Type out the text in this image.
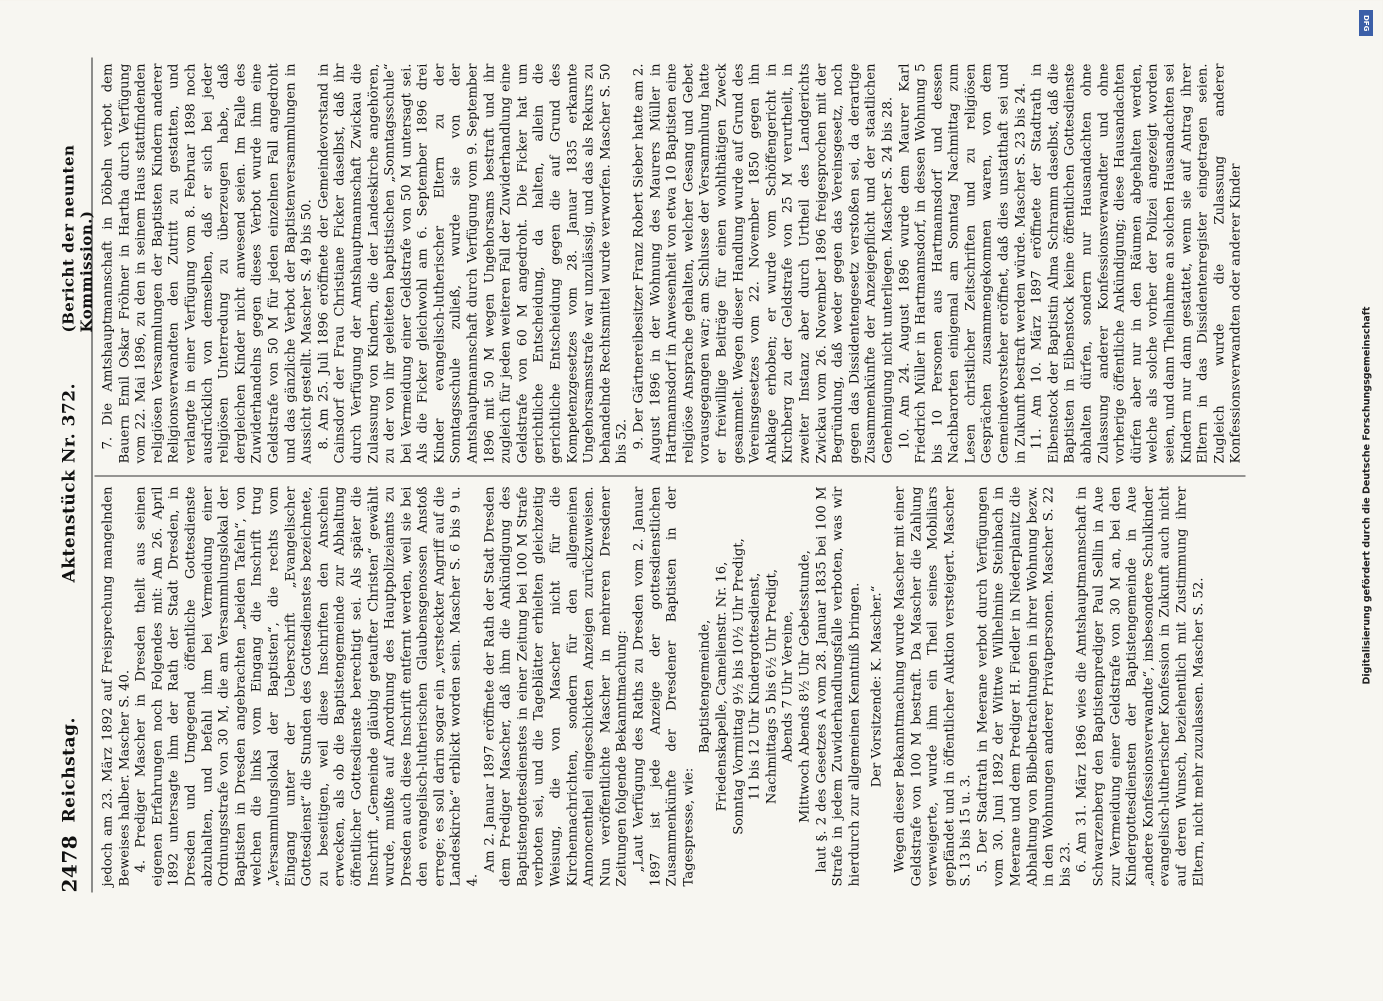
2478
Reichstag.
Aktenstück Nr. 372.
(Bericht der neunten Kommission.)

jedoch am 23. März 1892 auf Freisprechung mangelnden Beweises halber. Mascher S. 40. 4. Prediger Mascher in Dresden theilt aus seinen eigenen Erfahrungen noch Folgendes mit: Am 26. April 1892 untersagte ihm der Rath der Stadt Dresden, in Dresden und Umgegend öffentliche Gottesdienste abzuhalten, und befahl ihm bei Vermeidung einer Ordnungsstrafe von 30 M, die am Versammlungslokal der Baptisten in Dresden angebrachten „beiden Tafeln“, von welchen die links vom Eingang die Inschrift trug „Versammlungslokal der Baptisten“, die rechts vom Eingang unter der Ueberschrift „Evangelischer Gottesdienst“ die Stunden des Gottesdienstes bezeichnete, zu beseitigen, weil diese Inschriften den Anschein erwecken, als ob die Baptistengemeinde zur Abhaltung öffentlicher Gottesdienste berechtigt sei. Als später die Inschrift „Gemeinde gläubig getaufter Christen“ gewählt wurde, mußte auf Anordnung des Hauptpolizeiamts zu Dresden auch diese Inschrift entfernt werden, weil sie bei den evangelisch-lutherischen Glaubensgenossen Anstoß errege; es soll darin sogar ein „versteckter Angriff auf die Landeskirche“ erblickt worden sein. Mascher S. 6 bis 9 u. 4.

Am 2. Januar 1897 eröffnete der Rath der Stadt Dresden dem Prediger Mascher, daß ihm die Ankündigung des Baptistengottesdienstes in einer Zeitung bei 100 M Strafe verboten sei, und die Tageblätter erhielten gleichzeitig Weisung, die von Mascher nicht für die Kirchennachrichten, sondern für den allgemeinen Annoncentheil eingeschickten Anzeigen zurückzuweisen. Nun veröffentlichte Mascher in mehreren Dresdener Zeitungen folgende Bekanntmachung: „Laut Verfügung des Raths zu Dresden vom 2. Januar 1897 ist jede Anzeige der gottesdienstlichen Zusammenkünfte der Dresdener Baptisten in der Tagespresse, wie:

Baptistengemeinde, Friedenskapelle, Camelienstr. Nr. 16, Sonntag Vormittag 9½ bis 10½ Uhr Predigt, 11 bis 12 Uhr Kindergottesdienst, Nachmittags 5 bis 6½ Uhr Predigt, Abends 7 Uhr Vereine, Mittwoch Abends 8½ Uhr Gebetsstunde, laut §. 2 des Gesetzes A vom 28. Januar 1835 bei 100 M Strafe in jedem Zuwiderhandlungsfalle verboten, was wir hierdurch zur allgemeinen Kenntniß bringen. Der Vorsitzende: K. Mascher.“ Wegen dieser Bekanntmachung wurde Mascher mit einer Geldstrafe von 100 M bestraft. Da Mascher die Zahlung verweigerte, wurde ihm ein Theil seines Mobiliars gepfändet und in öffentlicher Auktion versteigert. Mascher S. 13 bis 15 u. 3. 5. Der Stadtrath in Meerane verbot durch Verfügungen vom 30. Juni 1892 der Wittwe Wilhelmine Steinbach in Meerane und dem Prediger H. Fiedler in Niederplanitz die Abhaltung von Bibelbetrachtungen in ihrer Wohnung bezw. in den Wohnungen anderer Privatpersonen. Mascher S. 22 bis 23. 6. Am 31. März 1896 wies die Amtshauptmannschaft in Schwarzenberg den Baptistenprediger Paul Sellin in Aue zur Vermeidung einer Geldstrafe von 30 M an, bei den Kindergottesdiensten der Baptistengemeinde in Aue „andere Konfessionsverwandte“, insbesondere Schulkinder evangelisch-lutherischer Konfession in Zukunft auch nicht auf deren Wunsch, beziehentlich mit Zustimmung ihrer Eltern, nicht mehr zuzulassen. Mascher S. 52.

7. Die Amtshauptmannschaft in Döbeln verbot dem Bauern Emil Oskar Fröhner in Hartha durch Verfügung vom 22. Mai 1896, zu den in seinem Haus stattfindenden religiösen Versammlungen der Baptisten Kindern anderer Religionsverwandten den Zutritt zu gestatten, und verlangte in einer Verfügung vom 8. Februar 1898 noch ausdrücklich von demselben, daß er sich bei jeder religiösen Unterredung zu überzeugen habe, daß dergleichen Kinder nicht anwesend seien. Im Falle des Zuwiderhandelns gegen dieses Verbot wurde ihm eine Geldstrafe von 50 M für jeden einzelnen Fall angedroht und das gänzliche Verbot der Baptistenversammlungen in Aussicht gestellt. Mascher S. 49 bis 50. 8. Am 25. Juli 1896 eröffnete der Gemeindevorstand in Cainsdorf der Frau Christiane Ficker daselbst, daß ihr durch Verfügung der Amtshauptmannschaft Zwickau die Zulassung von Kindern, die der Landeskirche angehören, zu der von ihr geleiteten baptistischen „Sonntagsschule“ bei Vermeidung einer Geldstrafe von 50 M untersagt sei. Als die Ficker gleichwohl am 6. September 1896 drei Kinder evangelisch-lutherischer Eltern zu der Sonntagsschule zuließ, wurde sie von der Amtshauptmannschaft durch Verfügung vom 9. September 1896 mit 50 M wegen Ungehorsams bestraft und ihr zugleich für jeden weiteren Fall der Zuwiderhandlung eine Geldstrafe von 60 M angedroht. Die Ficker hat um gerichtliche Entscheidung, da halten, allein die gerichtliche Entscheidung gegen die auf Grund des Kompetenzgesetzes vom 28. Januar 1835 erkannte Ungehorsamsstrafe war unzulässig, und das als Rekurs zu behandelnde Rechtsmittel wurde verworfen. Mascher S. 50 bis 52. 9. Der Gärtnereibesitzer Franz Robert Sieber hatte am 2. August 1896 in der Wohnung des Maurers Müller in Hartmannsdorf in Anwesenheit von etwa 10 Baptisten eine religiöse Ansprache gehalten, welcher Gesang und Gebet vorausgegangen war; am Schlusse der Versammlung hatte er freiwillige Beiträge für einen wohlthätigen Zweck gesammelt. Wegen dieser Handlung wurde auf Grund des Vereinsgesetzes vom 22. November 1850 gegen ihn Anklage erhoben; er wurde vom Schöffengericht in Kirchberg zu der Geldstrafe von 25 M verurtheilt, in zweiter Instanz aber durch Urtheil des Landgerichts Zwickau vom 26. November 1896 freigesprochen mit der Begründung, daß weder gegen das Vereinsgesetz, noch gegen das Dissidentengesetz verstoßen sei, da derartige Zusammenkünfte der Anzeigepflicht und der staatlichen Genehmigung nicht unterliegen. Mascher S. 24 bis 28. 10. Am 24. August 1896 wurde dem Maurer Karl Friedrich Müller in Hartmannsdorf, in dessen Wohnung 5 bis 10 Personen aus Hartmannsdorf und dessen Nachbarorten einigemal am Sonntag Nachmittag zum Lesen christlicher Zeitschriften und zu religiösen Gesprächen zusammengekommen waren, von dem Gemeindevorsteher eröffnet, daß dies unstatthaft sei und in Zukunft bestraft werden würde. Mascher S. 23 bis 24. 11. Am 10. März 1897 eröffnete der Stadtrath in Eibenstock der Baptistin Alma Schramm daselbst, daß die Baptisten in Eibenstock keine öffentlichen Gottesdienste abhalten dürfen, sondern nur Hausandachten ohne Zulassung anderer Konfessionsverwandter und ohne vorherige öffentliche Ankündigung; diese Hausandachten dürfen aber nur in den Räumen abgehalten werden, welche als solche vorher der Polizei angezeigt worden seien, und dann Theilnahme an solchen Hausandachten sei Kindern nur dann gestattet, wenn sie auf Antrag ihrer Eltern in das Dissidentenregister eingetragen seien. Zugleich wurde die Zulassung anderer Konfessionsverwandten oder anderer Kinder

DFG
Digitalisierung gefördert durch die Deutsche Forschungsgemeinschaft
